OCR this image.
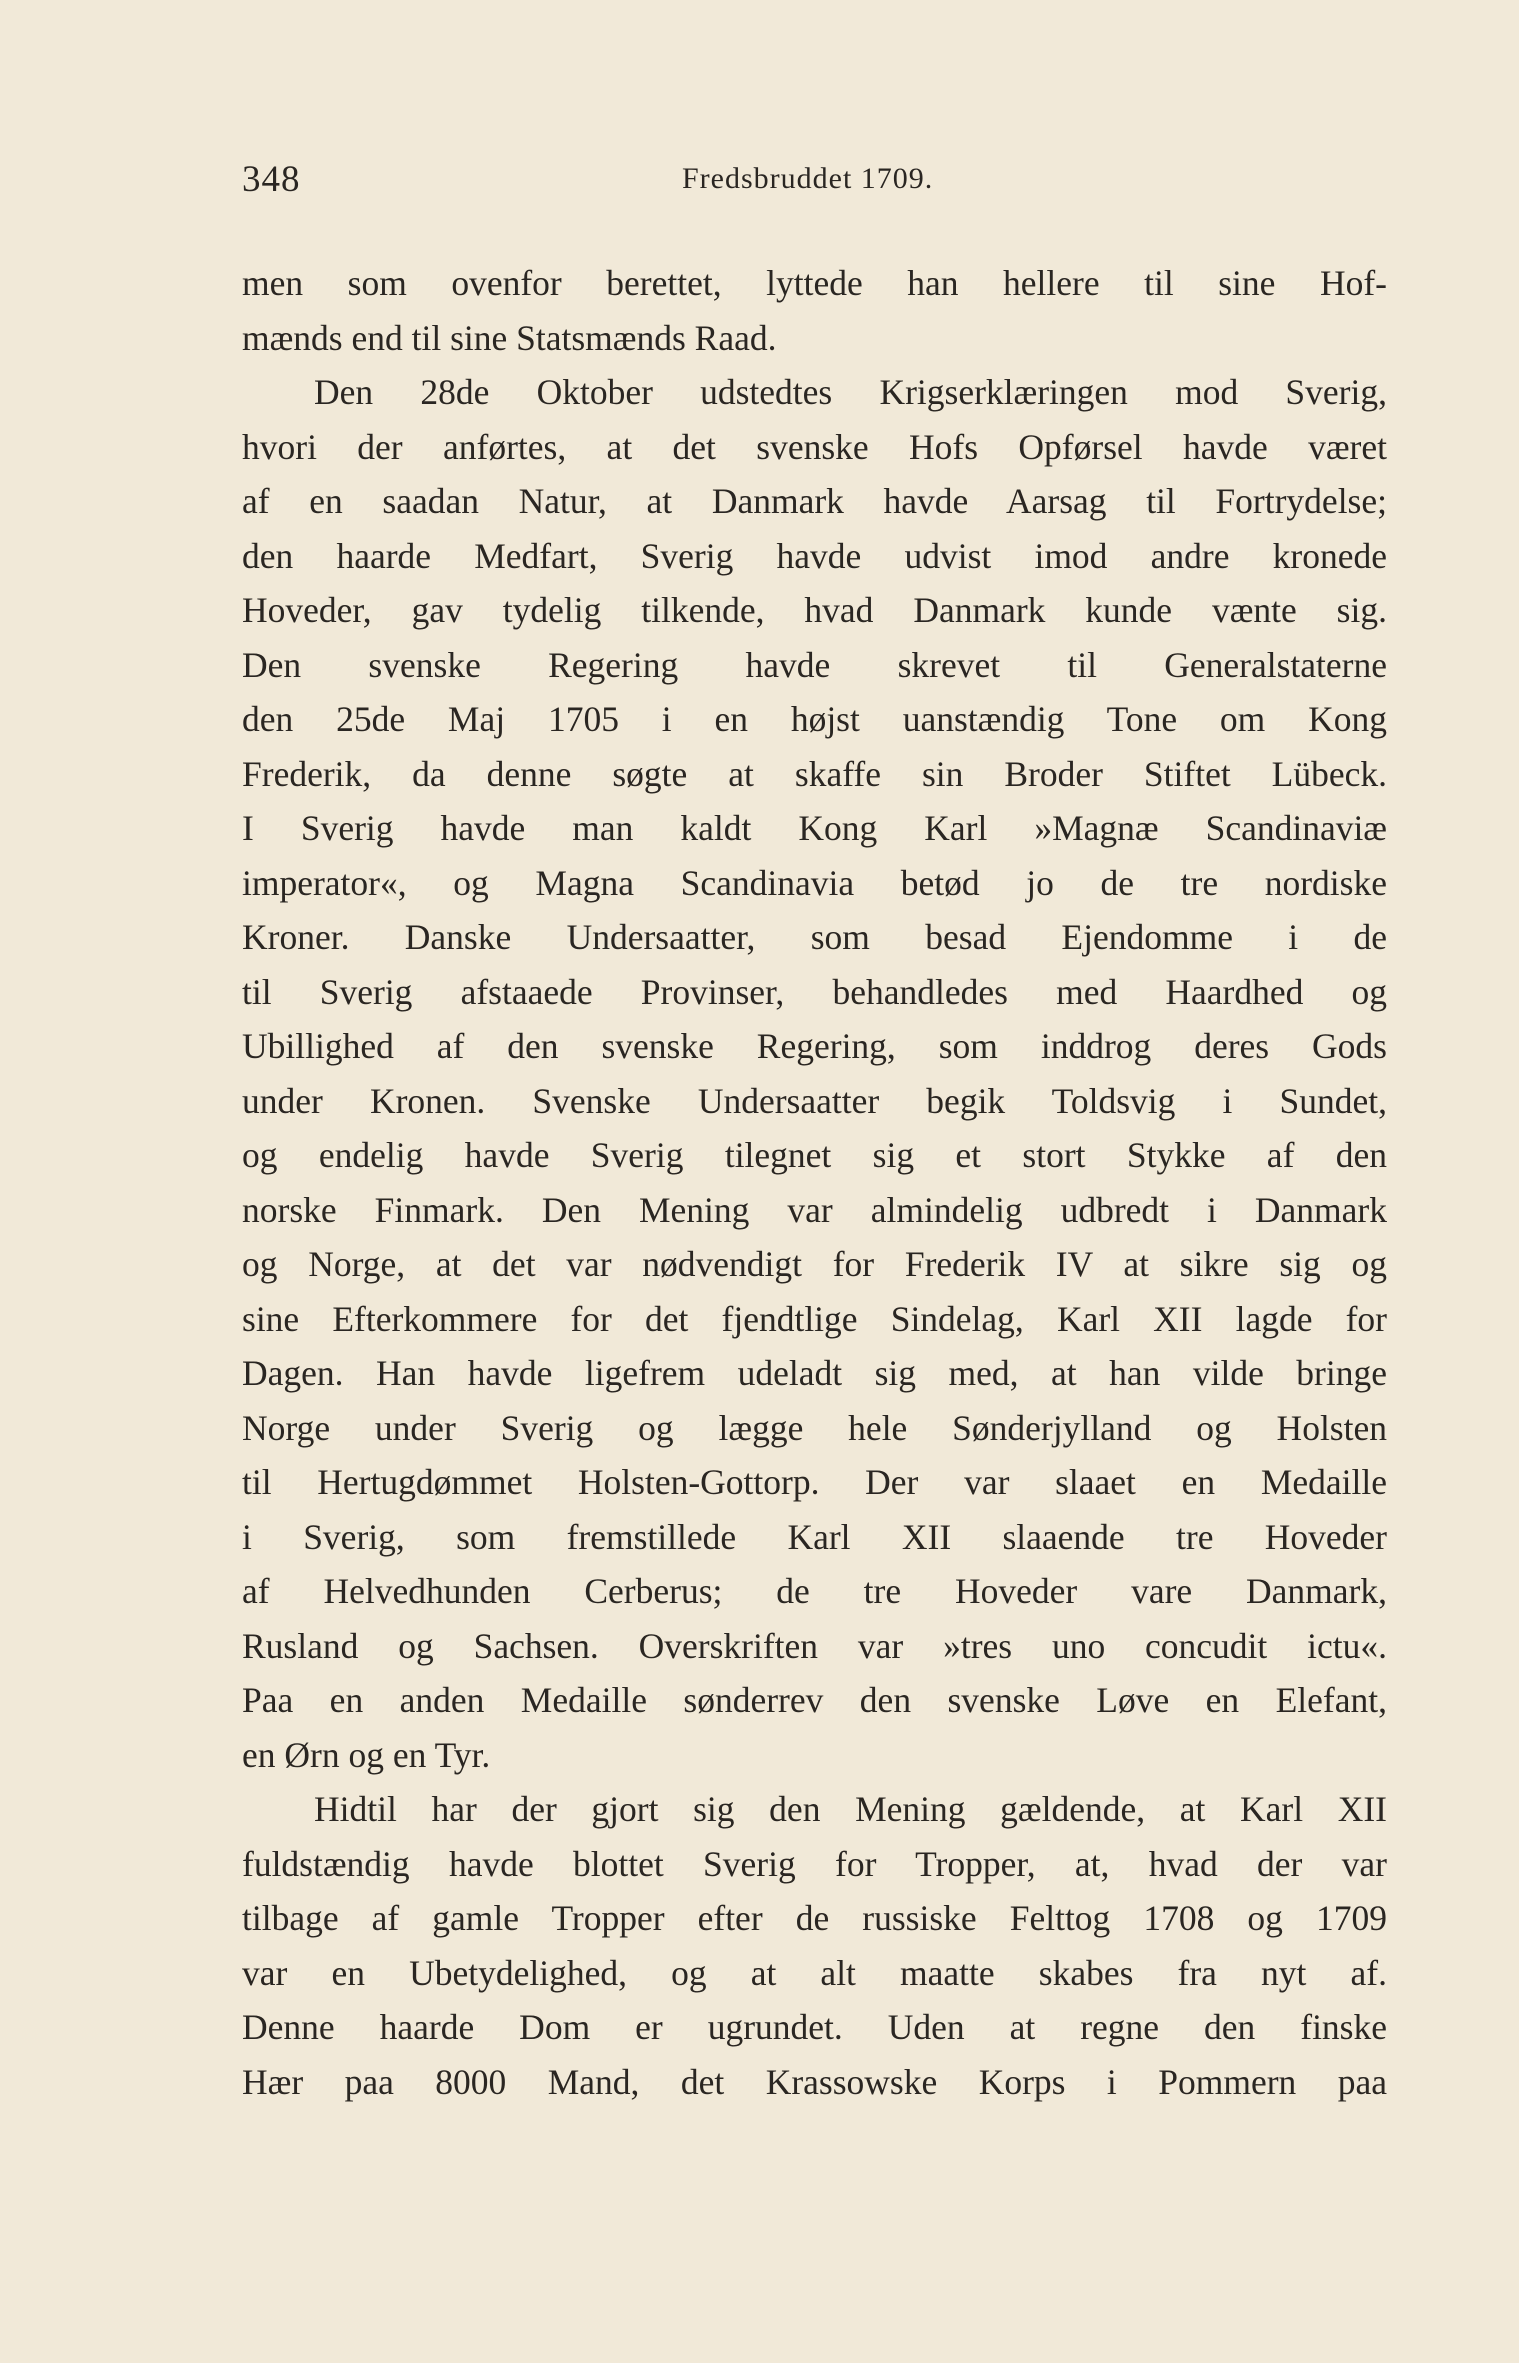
348	Fredsbruddet 1709.
men som ovenfor berettet, lyttede han hellere til sine Hof-
mænds end til sine Statsmænds Raad.
Den 28de Oktober udstedtes Krigserklæringen mod Sverig,
hvori der anførtes, at det svenske Hofs Opførsel havde været
af en saadan Natur, at Danmark havde Aarsag til Fortrydelse;
den haarde Medfart, Sverig havde udvist imod andre kronede
Hoveder, gav tydelig tilkende, hvad Danmark kunde vænte sig.
Den svenske Regering havde skrevet til Generalstaterne
den 25de Maj 1705 i en højst uanstændig Tone om Kong
Frederik, da denne søgte at skaffe sin Broder Stiftet Lübeck.
I Sverig havde man kaldt Kong Karl »Magnæ Scandinaviæ
imperator«, og Magna Scandinavia betød jo de tre nordiske
Kroner. Danske Undersaatter, som besad Ejendomme i de
til Sverig afstaaede Provinser, behandledes med Haardhed og
Ubillighed af den svenske Regering, som inddrog deres Gods
under Kronen. Svenske Undersaatter begik Toldsvig i Sundet,
og endelig havde Sverig tilegnet sig et stort Stykke af den
norske Finmark. Den Mening var almindelig udbredt i Danmark
og Norge, at det var nødvendigt for Frederik IV at sikre sig og
sine Efterkommere for det fjendtlige Sindelag, Karl XII lagde for
Dagen. Han havde ligefrem udeladt sig med, at han vilde bringe
Norge under Sverig og lægge hele Sønderjylland og Holsten
til Hertugdømmet Holsten-Gottorp. Der var slaaet en Medaille
i Sverig, som fremstillede Karl XII slaaende tre Hoveder
af Helvedhunden Cerberus; de tre Hoveder vare Danmark,
Rusland og Sachsen. Overskriften var »tres uno concudit ictu«.
Paa en anden Medaille sønderrev den svenske Løve en Elefant,
en Ørn og en Tyr.
Hidtil har der gjort sig den Mening gældende, at Karl XII
fuldstændig havde blottet Sverig for Tropper, at, hvad der var
tilbage af gamle Tropper efter de russiske Felttog 1708 og 1709
var en Ubetydelighed, og at alt maatte skabes fra nyt af.
Denne haarde Dom er ugrundet. Uden at regne den finske
Hær paa 8000 Mand, det Krassowske Korps i Pommern paa
